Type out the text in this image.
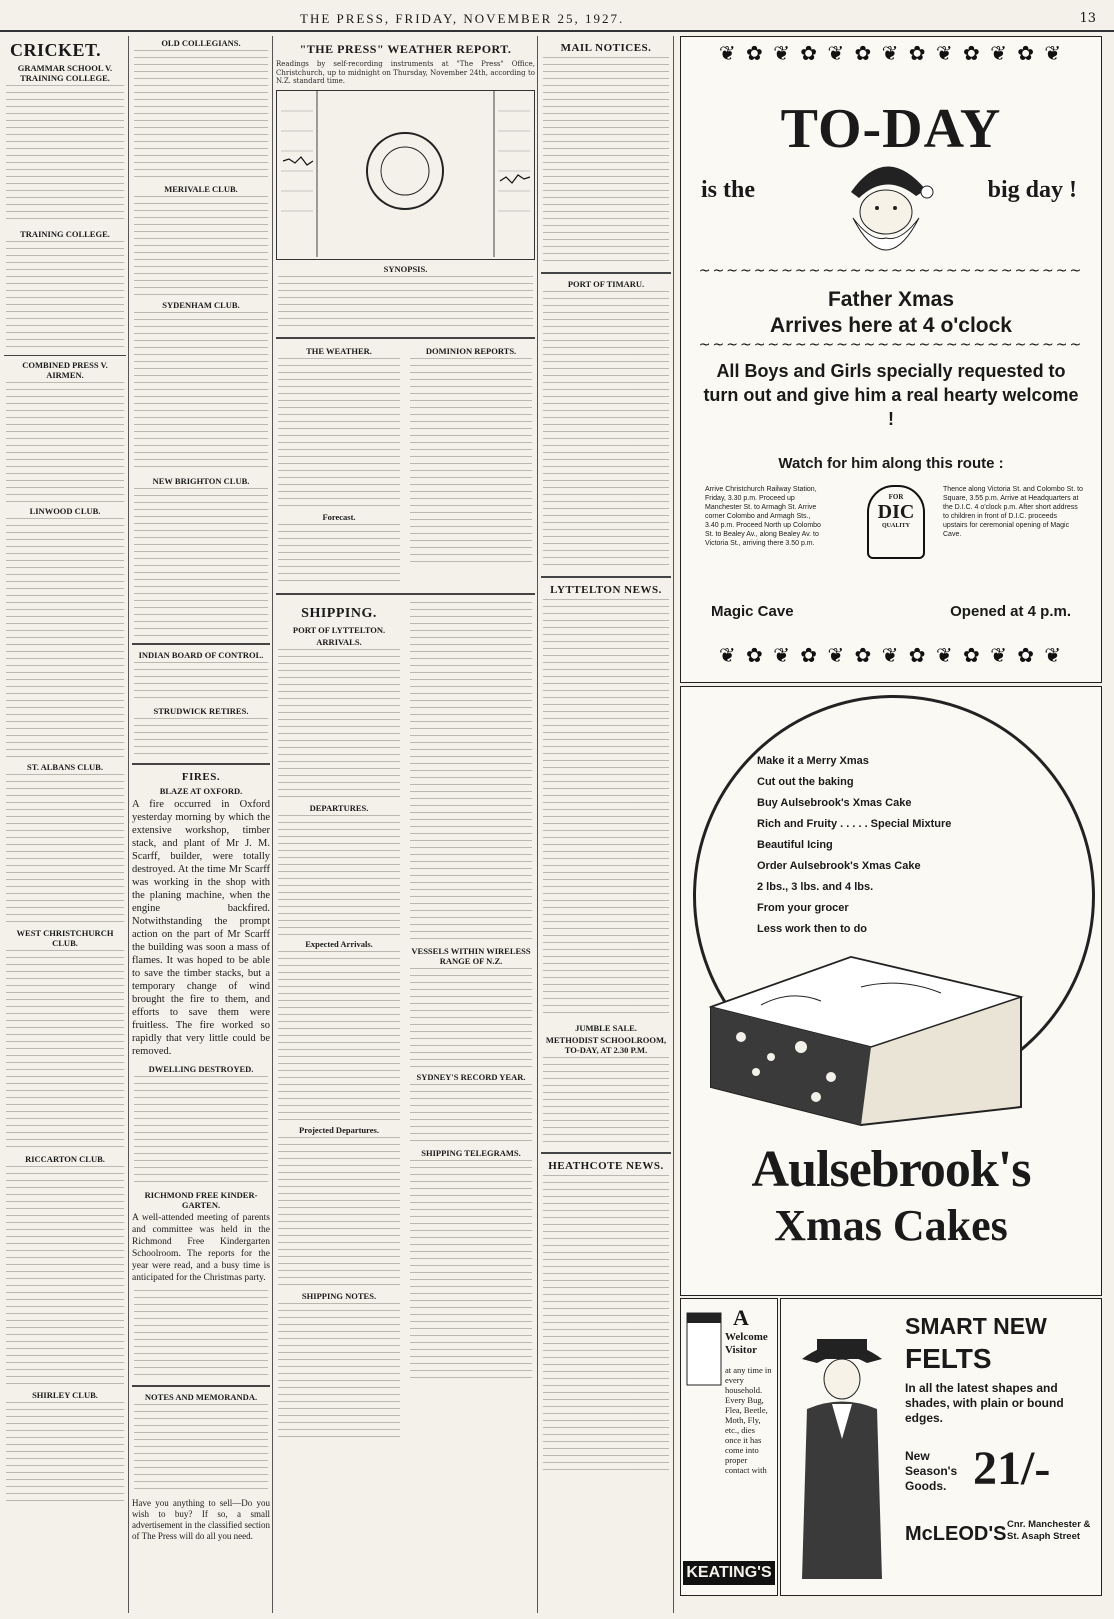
THE PRESS, FRIDAY, NOVEMBER 25, 1927.	13
CRICKET.
GRAMMAR SCHOOL V. TRAINING COLLEGE.
TRAINING COLLEGE.
COMBINED PRESS V. AIRMEN.
LINWOOD CLUB.
ST. ALBANS CLUB.
WEST CHRISTCHURCH CLUB.
RICCARTON CLUB.
SHIRLEY CLUB.
OLD COLLEGIANS.
MERIVALE CLUB.
SYDENHAM CLUB.
NEW BRIGHTON CLUB.
INDIAN BOARD OF CONTROL.
STRUDWICK RETIRES.
FIRES.
BLAZE AT OXFORD.
A fire occurred in Oxford yesterday morning by which the extensive workshop, timber stack, and plant of Mr J. M. Scarff, builder, were totally destroyed. At the time Mr Scarff was working in the shop with the planing machine, when the engine backfired. Notwithstanding the prompt action on the part of Mr Scarff the building was soon a mass of flames. It was hoped to be able to save the timber stacks, but a temporary change of wind brought the fire to them, and efforts to save them were fruitless. The fire worked so rapidly that very little could be removed.
DWELLING DESTROYED.
RICHMOND FREE KINDER-GARTEN.
A well-attended meeting of parents and committee was held in the Richmond Free Kindergarten Schoolroom. The reports for the year were read, and a busy time is anticipated for the Christmas party.
NOTES AND MEMORANDA.
Have you anything to sell—Do you wish to buy? If so, a small advertisement in the classified section of The Press will do all you need.
"THE PRESS" WEATHER REPORT.

Readings by self-recording instruments at "The Press" Office, Christchurch, up to midnight on Thursday, November 24th, according to N.Z. standard time.

SYNOPSIS.
THE WEATHER.
Forecast.
DOMINION REPORTS.
SHIPPING.
PORT OF LYTTELTON.
ARRIVALS.
DEPARTURES.
Expected Arrivals.
Projected Departures.
SHIPPING NOTES.
VESSELS WITHIN WIRELESS RANGE OF N.Z.
SYDNEY'S RECORD YEAR.
SHIPPING TELEGRAMS.
MAIL NOTICES.
PORT OF TIMARU.
LYTTELTON NEWS.
JUMBLE SALE.
METHODIST SCHOOLROOM, TO-DAY, AT 2.30 P.M.
HEATHCOTE NEWS.
❦ ✿ ❦ ✿ ❦ ✿ ❦ ✿ ❦ ✿ ❦ ✿ ❦
TO-DAY
is the	big day !
~~~~~~~~~~~~~~~~~~~~~~~~~~~~
Father Xmas
Arrives here at 4 o'clock
~~~~~~~~~~~~~~~~~~~~~~~~~~~~
All Boys and Girls specially requested to turn out and give him a real hearty welcome !
Watch for him along this route :
Arrive Christchurch Railway Station, Friday, 3.30 p.m. Proceed up Manchester St. to Armagh St. Arrive corner Colombo and Armagh Sts., 3.40 p.m. Proceed North up Colombo St. to Bealey Av., along Bealey Av. to Victoria St., arriving there 3.50 p.m.
FOR
DIC
QUALITY
Thence along Victoria St. and Colombo St. to Square, 3.55 p.m. Arrive at Headquarters at the D.I.C. 4 o'clock p.m. After short address to children in front of D.I.C. proceeds upstairs for ceremonial opening of Magic Cave.
Magic Cave	Opened at 4 p.m.
❦ ✿ ❦ ✿ ❦ ✿ ❦ ✿ ❦ ✿ ❦ ✿ ❦
Make it a Merry Xmas
Cut out the baking
Buy Aulsebrook's Xmas Cake
Rich and Fruity . . . . . Special Mixture
Beautiful Icing
Order Aulsebrook's Xmas Cake
2 lbs., 3 lbs. and 4 lbs.
From your grocer
Less work then to do
Aulsebrook's
Xmas Cakes
A
Welcome
Visitor
at any time in every household. Every Bug, Flea, Beetle, Moth, Fly, etc., dies once it has come into proper contact with
KEATING'S
SMART NEW
FELTS
In all the latest shapes and shades, with plain or bound edges.
New Season's Goods. 21/-
McLEOD'S Cnr. Manchester & St. Asaph Street
